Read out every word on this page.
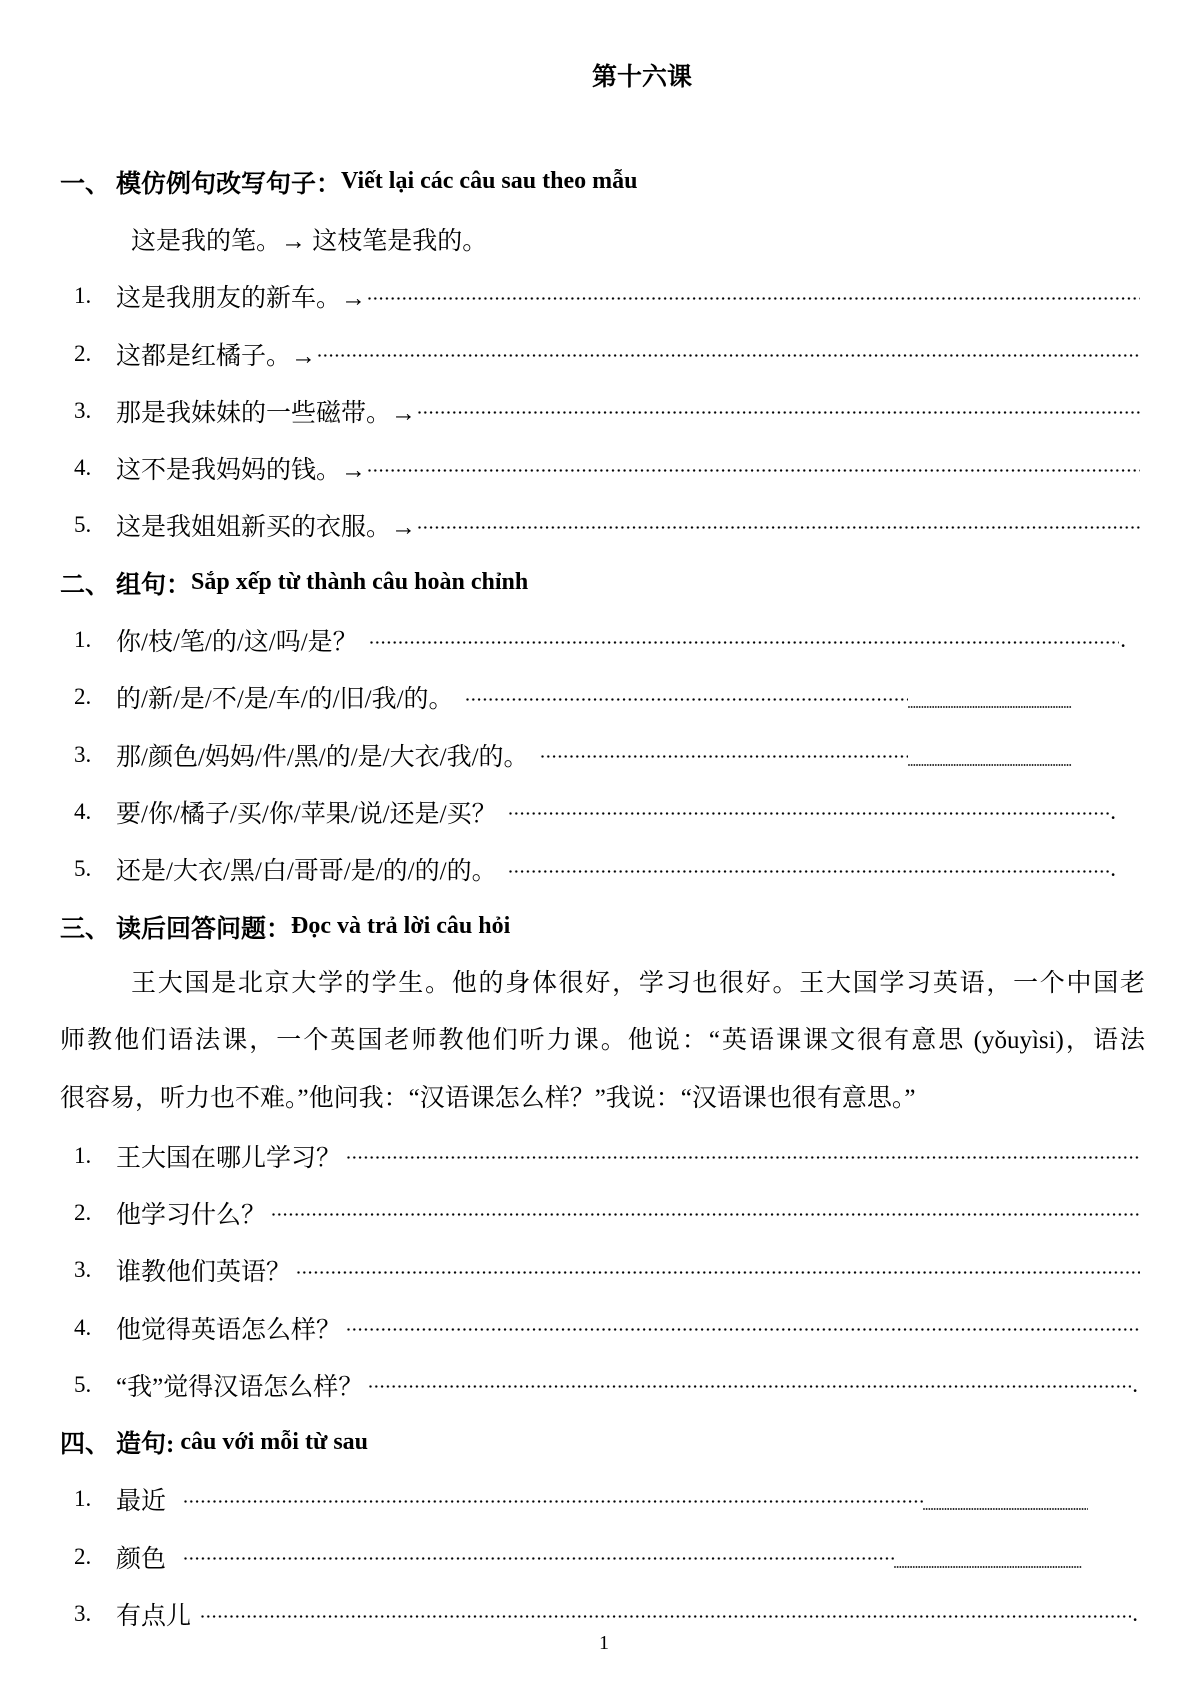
第十六课
一、 模仿例句改写句子： Viết lại các câu sau theo mẫu
这是我的笔。→ 这枝笔是我的。
1. 这是我朋友的新车。→
2. 这都是红橘子。→
3. 那是我妹妹的一些磁带。→
4. 这不是我妈妈的钱。→
5. 这是我姐姐新买的衣服。→
二、 组句： Sắp xếp từ thành câu hoàn chỉnh
1. 你/枝/笔/的/这/吗/是？	.
2. 的/新/是/不/是/车/的/旧/我/的。
3. 那/颜色/妈妈/件/黑/的/是/大衣/我/的。
4. 要/你/橘子/买/你/苹果/说/还是/买？	.
5. 还是/大衣/黑/白/哥哥/是/的/的/的。	.
三、 读后回答问题： Đọc và trả lời câu hỏi
王大国是北京大学的学生。他的身体很好，学习也很好。王大国学习英语，一个中国老
师教他们语法课，一个英国老师教他们听力课。他说：“英语课课文很有意思 (yǒuyìsi)，语法
很容易，听力也不难。”他问我：“汉语课怎么样？”我说：“汉语课也很有意思。”
1. 王大国在哪儿学习？
2. 他学习什么？
3. 谁教他们英语？
4. 他觉得英语怎么样？
5. “我”觉得汉语怎么样？	.
四、 造句: câu với mỗi từ sau
1. 最近
2. 颜色
3. 有点儿	.
1
